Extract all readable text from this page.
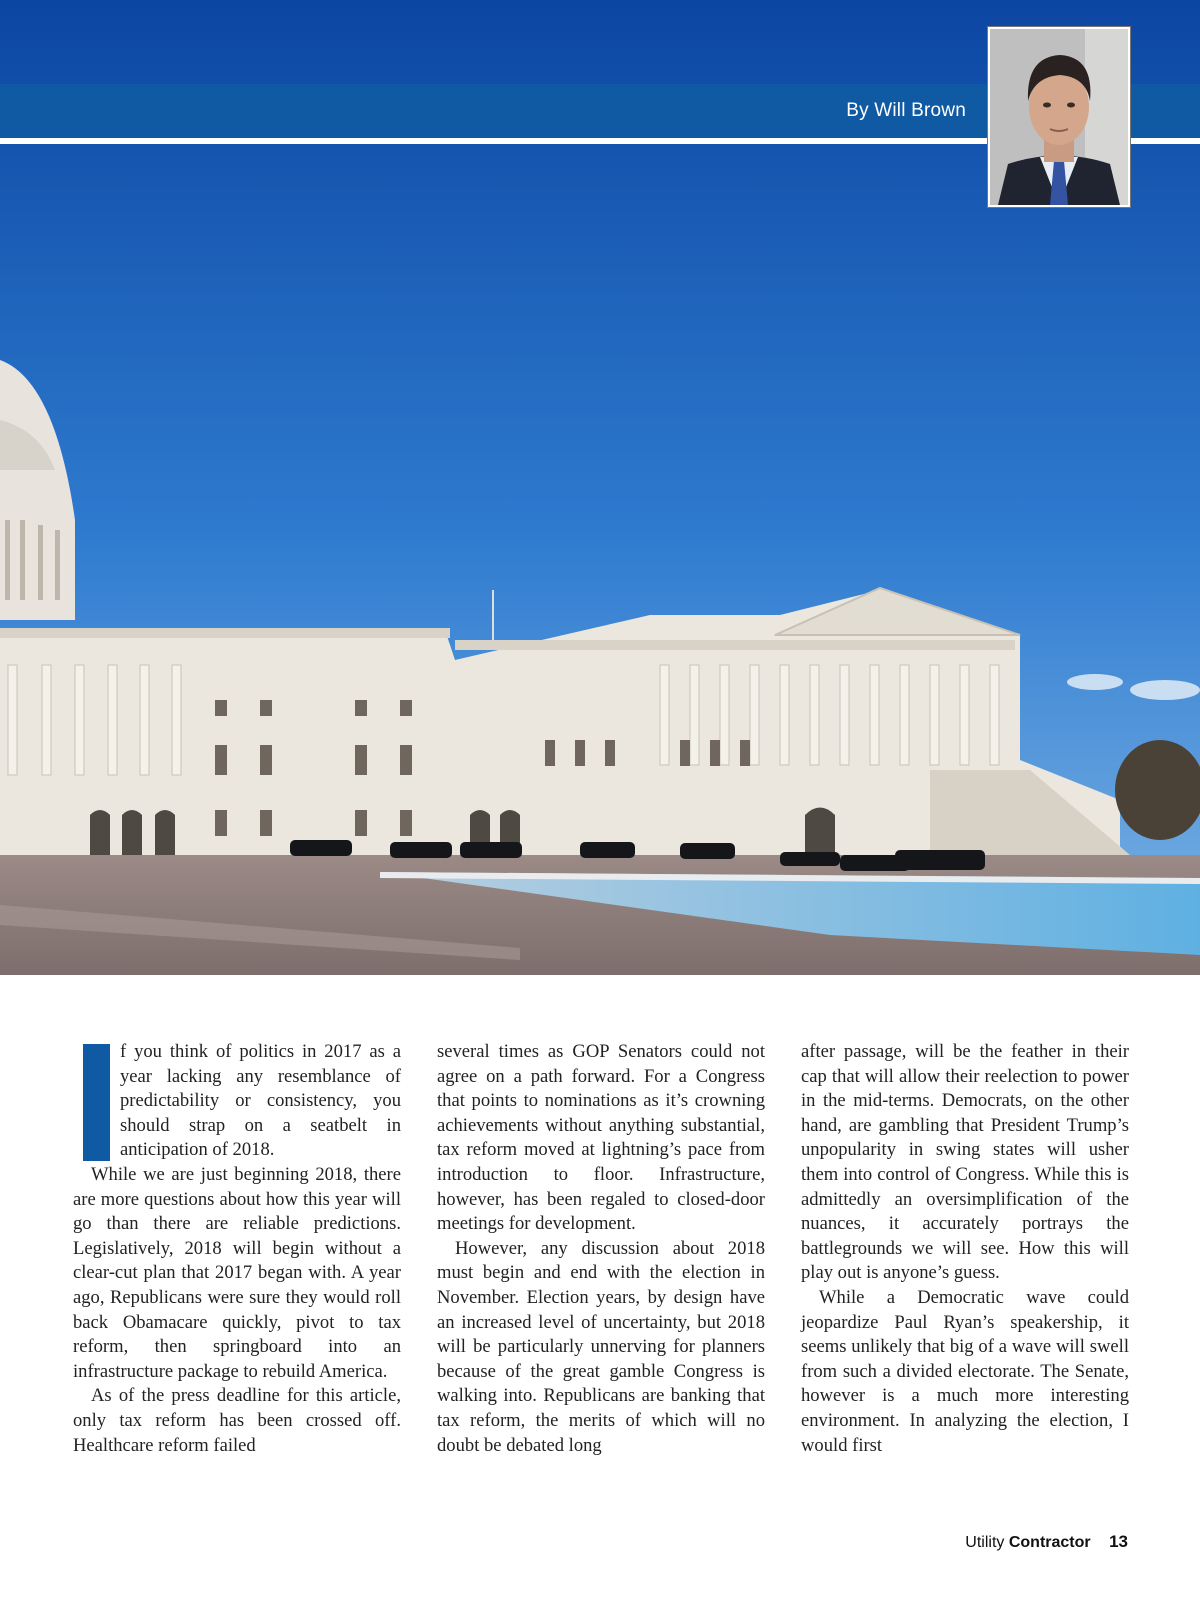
By Will Brown

f you think of politics in 2017 as a year lacking any resemblance of predictability or consistency, you should strap on a seatbelt in anticipation of 2018.

While we are just beginning 2018, there are more questions about how this year will go than there are reliable predictions. Legislatively, 2018 will begin without a clear-cut plan that 2017 began with. A year ago, Republicans were sure they would roll back Obamacare quickly, pivot to tax reform, then springboard into an infrastructure package to rebuild America.

As of the press deadline for this article, only tax reform has been crossed off. Healthcare reform failed

several times as GOP Senators could not agree on a path forward. For a Congress that points to nominations as it’s crowning achievements without anything substantial, tax reform moved at lightning’s pace from introduction to floor. Infrastructure, however, has been regaled to closed-door meetings for development.

However, any discussion about 2018 must begin and end with the election in November. Election years, by design have an increased level of uncertainty, but 2018 will be particularly unnerving for planners because of the great gamble Congress is walking into. Republicans are banking that tax reform, the merits of which will no doubt be debated long

after passage, will be the feather in their cap that will allow their reelection to power in the mid-terms. Democrats, on the other hand, are gambling that President Trump’s unpopularity in swing states will usher them into control of Congress. While this is admittedly an oversimplification of the nuances, it accurately portrays the battlegrounds we will see. How this will play out is anyone’s guess.

While a Democratic wave could jeopardize Paul Ryan’s speakership, it seems unlikely that big of a wave will swell from such a divided electorate. The Senate, however is a much more interesting environment. In analyzing the election, I would first

Utility Contractor 13
